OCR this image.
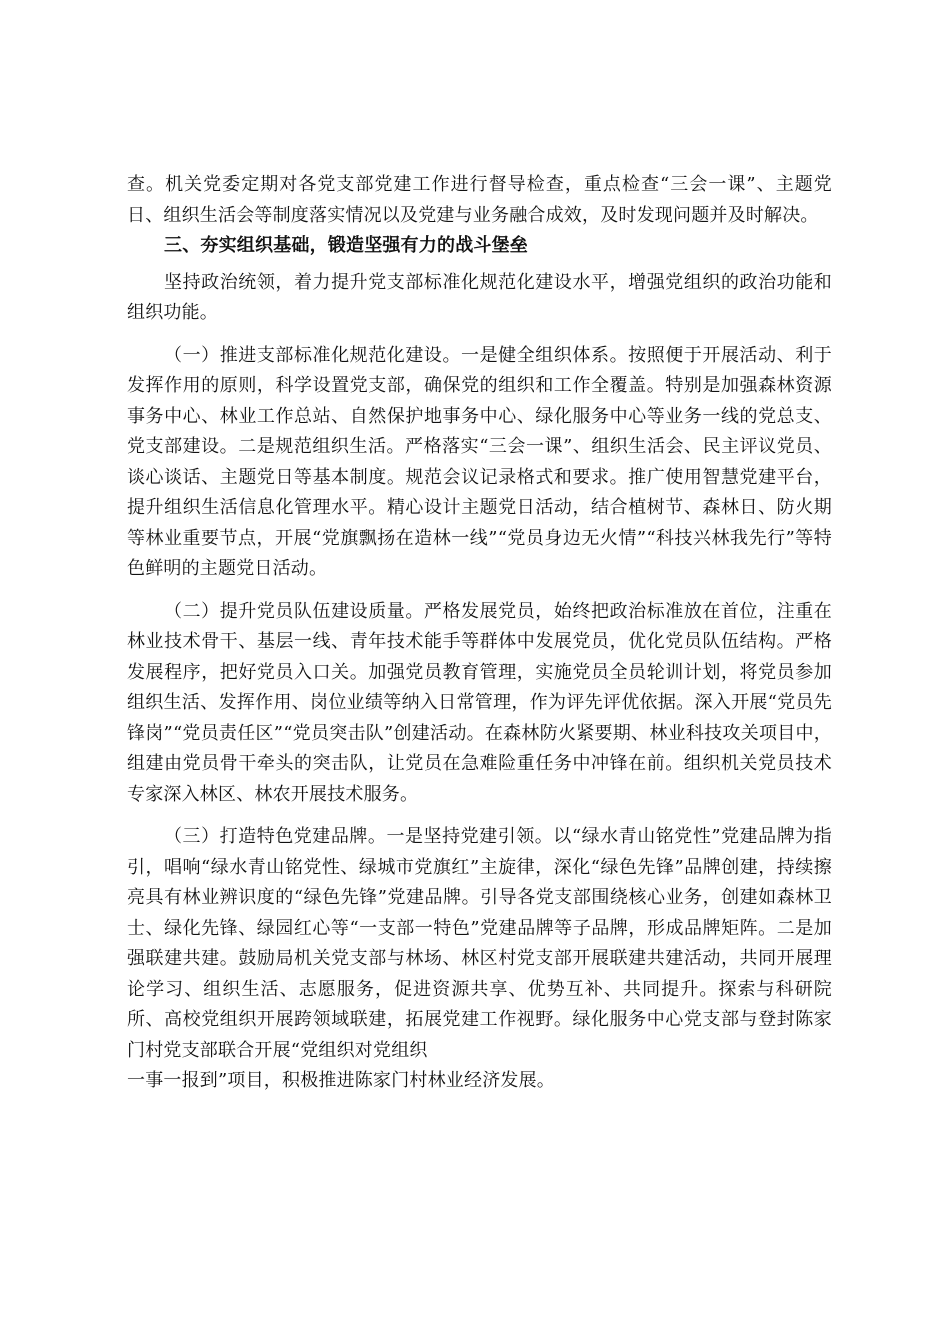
查。机关党委定期对各党支部党建工作进行督导检查，重点检查“三会一课”、主题党日、组织生活会等制度落实情况以及党建与业务融合成效，及时发现问题并及时解决。

三、夯实组织基础，锻造坚强有力的战斗堡垒

坚持政治统领，着力提升党支部标准化规范化建设水平，增强党组织的政治功能和组织功能。

（一）推进支部标准化规范化建设。一是健全组织体系。按照便于开展活动、利于发挥作用的原则，科学设置党支部，确保党的组织和工作全覆盖。特别是加强森林资源事务中心、林业工作总站、自然保护地事务中心、绿化服务中心等业务一线的党总支、党支部建设。二是规范组织生活。严格落实“三会一课”、组织生活会、民主评议党员、谈心谈话、主题党日等基本制度。规范会议记录格式和要求。推广使用智慧党建平台，提升组织生活信息化管理水平。精心设计主题党日活动，结合植树节、森林日、防火期等林业重要节点，开展“党旗飘扬在造林一线”“党员身边无火情”“科技兴林我先行”等特色鲜明的主题党日活动。

（二）提升党员队伍建设质量。严格发展党员，始终把政治标准放在首位，注重在林业技术骨干、基层一线、青年技术能手等群体中发展党员，优化党员队伍结构。严格发展程序，把好党员入口关。加强党员教育管理，实施党员全员轮训计划，将党员参加组织生活、发挥作用、岗位业绩等纳入日常管理，作为评先评优依据。深入开展“党员先锋岗”“党员责任区”“党员突击队”创建活动。在森林防火紧要期、林业科技攻关项目中，组建由党员骨干牵头的突击队，让党员在急难险重任务中冲锋在前。组织机关党员技术专家深入林区、林农开展技术服务。

（三）打造特色党建品牌。一是坚持党建引领。以“绿水青山铭党性”党建品牌为指引，唱响“绿水青山铭党性、绿城市党旗红”主旋律，深化“绿色先锋”品牌创建，持续擦亮具有林业辨识度的“绿色先锋”党建品牌。引导各党支部围绕核心业务，创建如森林卫士、绿化先锋、绿园红心等“一支部一特色”党建品牌等子品牌，形成品牌矩阵。二是加强联建共建。鼓励局机关党支部与林场、林区村党支部开展联建共建活动，共同开展理论学习、组织生活、志愿服务，促进资源共享、优势互补、共同提升。探索与科研院所、高校党组织开展跨领域联建，拓展党建工作视野。绿化服务中心党支部与登封陈家门村党支部联合开展“党组织对党组织

一事一报到”项目，积极推进陈家门村林业经济发展。
